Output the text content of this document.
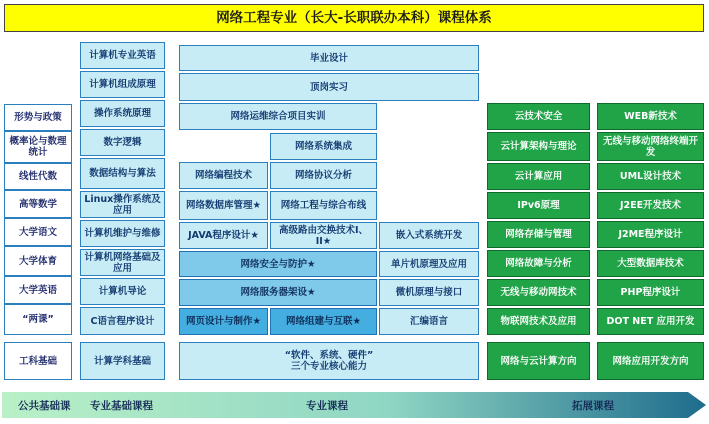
网络工程专业（长大-长职联办本科）课程体系
形势与政策
概率论与数理统计
线性代数
高等数学
大学语文
大学体育
大学英语
“两课”
工科基础
计算机专业英语
计算机组成原理
操作系统原理
数字逻辑
数据结构与算法
Linux操作系统及应用
计算机维护与维修
计算机网络基础及应用
计算机导论
C语言程序设计
计算学科基础
毕业设计
顶岗实习
网络运维综合项目实训
网络系统集成
网络编程技术	网络协议分析
网络数据库管理★	网络工程与综合布线
JAVA程序设计★	高级路由交换技术I、II★	嵌入式系统开发
网络安全与防护★	单片机原理及应用
网络服务器架设★	微机原理与接口
网页设计与制作★	网络组建与互联★	汇编语言
“软件、系统、硬件”
三个专业核心能力
云技术安全
云计算架构与理论
云计算应用
IPv6原理
网络存储与管理
网络故障与分析
无线与移动网技术
物联网技术及应用
网络与云计算方向
WEB新技术
无线与移动网络终端开发
UML设计技术
J2EE开发技术
J2ME程序设计
大型数据库技术
PHP程序设计
DOT NET 应用开发
网络应用开发方向
公共基础课 专业基础课程	专业课程	拓展课程
